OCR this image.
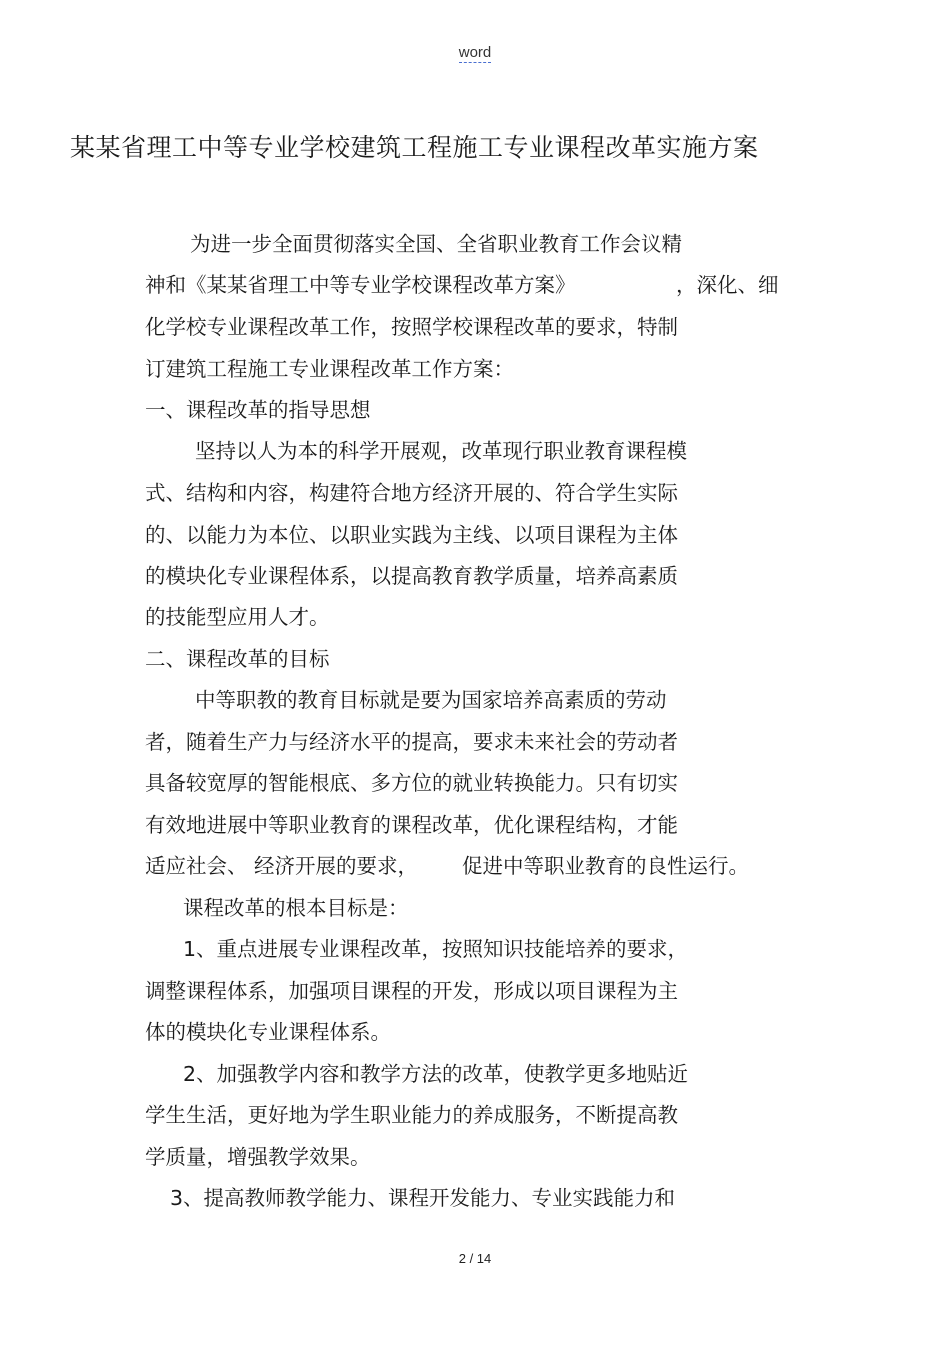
word
某某省理工中等专业学校建筑工程施工专业课程改革实施方案
为进一步全面贯彻落实全国、全省职业教育工作会议精
神和《某某省理工中等专业学校课程改革方案》	，深化、细
化学校专业课程改革工作，按照学校课程改革的要求，特制
订建筑工程施工专业课程改革工作方案：
一、课程改革的指导思想
坚持以人为本的科学开展观，改革现行职业教育课程模
式、结构和内容，构建符合地方经济开展的、符合学生实际
的、以能力为本位、以职业实践为主线、以项目课程为主体
的模块化专业课程体系，以提高教育教学质量，培养高素质
的技能型应用人才。
二、课程改革的目标
中等职教的教育目标就是要为国家培养高素质的劳动
者，随着生产力与经济水平的提高，要求未来社会的劳动者
具备较宽厚的智能根底、多方位的就业转换能力。只有切实
有效地进展中等职业教育的课程改革，优化课程结构，才能
适应社会、 经济开展的要求， 促进中等职业教育的良性运行。
课程改革的根本目标是：
1、重点进展专业课程改革，按照知识技能培养的要求，
调整课程体系，加强项目课程的开发，形成以项目课程为主
体的模块化专业课程体系。
2、加强教学内容和教学方法的改革，使教学更多地贴近
学生生活，更好地为学生职业能力的养成服务，不断提高教
学质量，增强教学效果。
3、提高教师教学能力、课程开发能力、专业实践能力和
2 / 14
